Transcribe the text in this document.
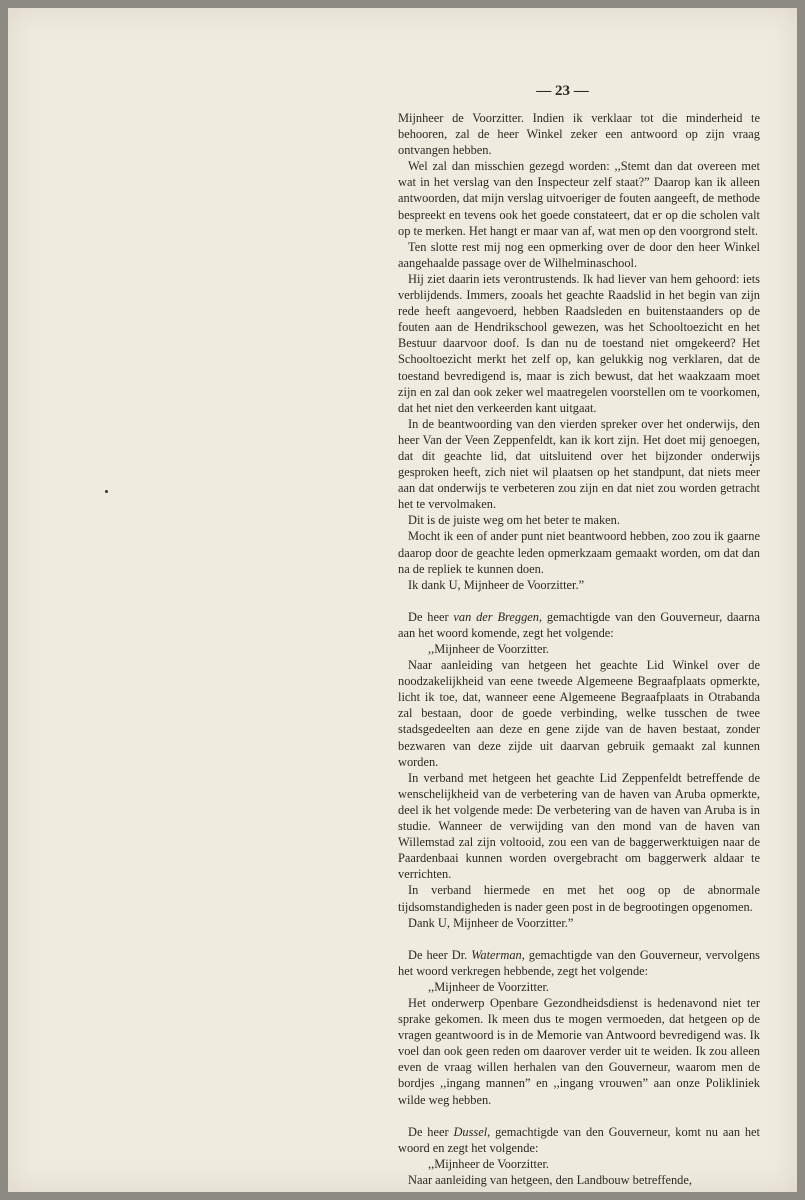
— 23 —

Mijnheer de Voorzitter. Indien ik verklaar tot die minderheid te behooren, zal de heer Winkel zeker een antwoord op zijn vraag ontvangen hebben.

Wel zal dan misschien gezegd worden: ,,Stemt dan dat overeen met wat in het verslag van den Inspecteur zelf staat?” Daarop kan ik alleen antwoorden, dat mijn verslag uitvoeriger de fouten aangeeft, de methode bespreekt en tevens ook het goede constateert, dat er op die scholen valt op te merken. Het hangt er maar van af, wat men op den voorgrond stelt.

Ten slotte rest mij nog een opmerking over de door den heer Winkel aangehaalde passage over de Wilhelminaschool.

Hij ziet daarin iets verontrustends. Ik had liever van hem gehoord: iets verblijdends. Immers, zooals het geachte Raadslid in het begin van zijn rede heeft aangevoerd, hebben Raadsleden en buitenstaanders op de fouten aan de Hendrikschool gewezen, was het Schooltoezicht en het Bestuur daarvoor doof. Is dan nu de toestand niet omgekeerd? Het Schooltoezicht merkt het zelf op, kan gelukkig nog verklaren, dat de toestand bevredigend is, maar is zich bewust, dat het waakzaam moet zijn en zal dan ook zeker wel maatregelen voorstellen om te voorkomen, dat het niet den verkeerden kant uitgaat.

In de beantwoording van den vierden spreker over het onderwijs, den heer Van der Veen Zeppenfeldt, kan ik kort zijn. Het doet mij genoegen, dat dit geachte lid, dat uitsluitend over het bijzonder onderwijs gesproken heeft, zich niet wil plaatsen op het standpunt, dat niets meer aan dat onderwijs te verbeteren zou zijn en dat niet zou worden getracht het te vervolmaken.

Dit is de juiste weg om het beter te maken.

Mocht ik een of ander punt niet beantwoord hebben, zoo zou ik gaarne daarop door de geachte leden opmerkzaam gemaakt worden, om dat dan na de repliek te kunnen doen.

Ik dank U, Mijnheer de Voorzitter.”

De heer van der Breggen, gemachtigde van den Gouverneur, daarna aan het woord komende, zegt het volgende:

,,Mijnheer de Voorzitter.

Naar aanleiding van hetgeen het geachte Lid Winkel over de noodzakelijkheid van eene tweede Algemeene Begraafplaats opmerkte, licht ik toe, dat, wanneer eene Algemeene Begraafplaats in Otrabanda zal bestaan, door de goede verbinding, welke tusschen de twee stadsgedeelten aan deze en gene zijde van de haven bestaat, zonder bezwaren van deze zijde uit daarvan gebruik gemaakt zal kunnen worden.

In verband met hetgeen het geachte Lid Zeppenfeldt betreffende de wenschelijkheid van de verbetering van de haven van Aruba opmerkte, deel ik het volgende mede: De verbetering van de haven van Aruba is in studie. Wanneer de verwijding van den mond van de haven van Willemstad zal zijn voltooid, zou een van de baggerwerktuigen naar de Paardenbaai kunnen worden overgebracht om baggerwerk aldaar te verrichten.

In verband hiermede en met het oog op de abnormale tijdsomstandigheden is nader geen post in de begrootingen opgenomen.

Dank U, Mijnheer de Voorzitter.”

De heer Dr. Waterman, gemachtigde van den Gouverneur, vervolgens het woord verkregen hebbende, zegt het volgende:

,,Mijnheer de Voorzitter.

Het onderwerp Openbare Gezondheidsdienst is hedenavond niet ter sprake gekomen. Ik meen dus te mogen vermoeden, dat hetgeen op de vragen geantwoord is in de Memorie van Antwoord bevredigend was. Ik voel dan ook geen reden om daarover verder uit te weiden. Ik zou alleen even de vraag willen herhalen van den Gouverneur, waarom men de bordjes ,,ingang mannen” en ,,ingang vrouwen” aan onze Polikliniek wilde weg hebben.

De heer Dussel, gemachtigde van den Gouverneur, komt nu aan het woord en zegt het volgende:

,,Mijnheer de Voorzitter.

Naar aanleiding van hetgeen, den Landbouw betreffende,
